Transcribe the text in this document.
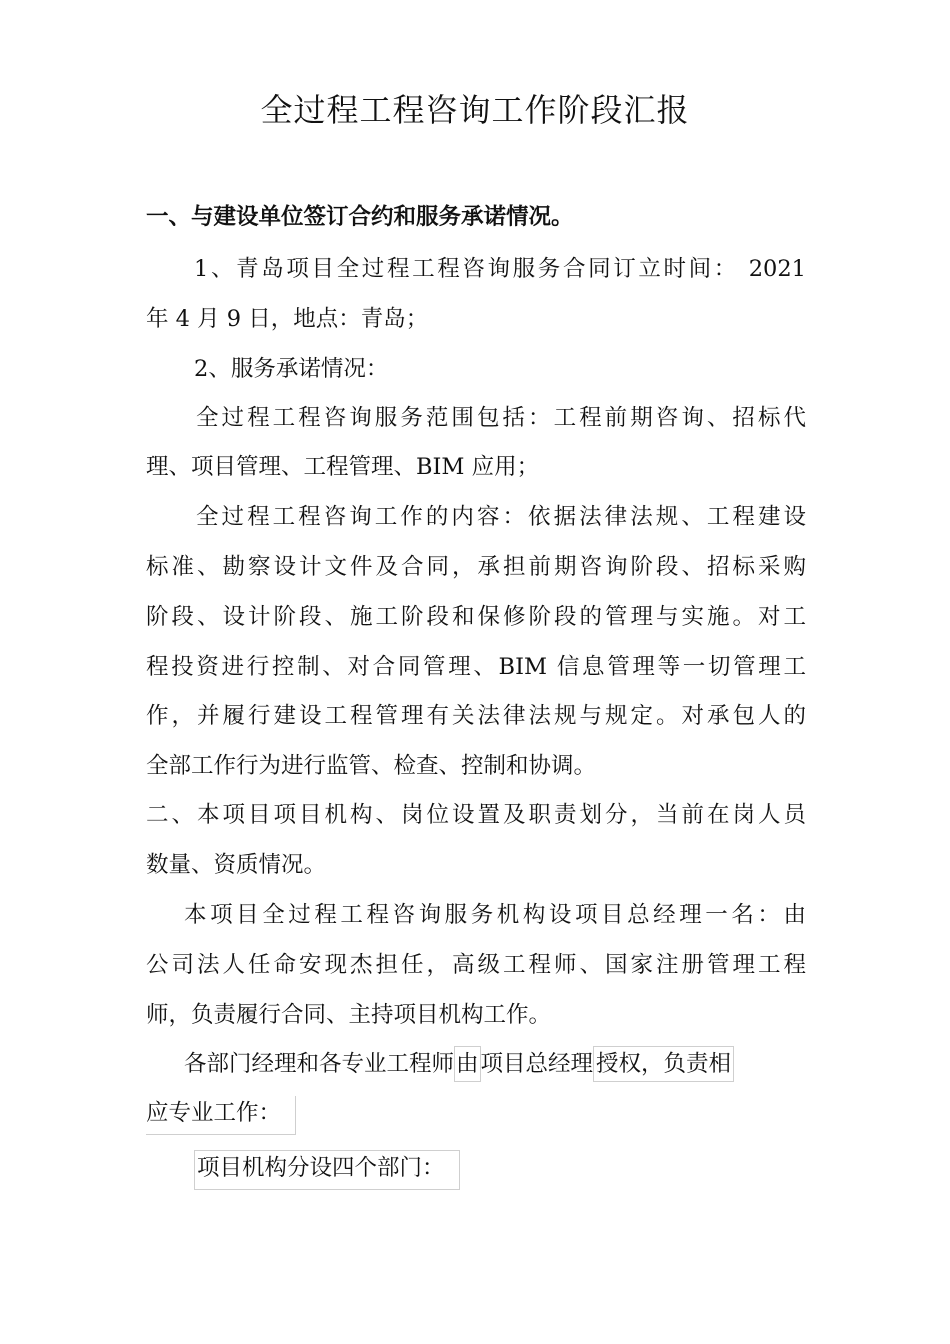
全过程工程咨询工作阶段汇报

一、与建设单位签订合约和服务承诺情况。

1、青岛项目全过程工程咨询服务合同订立时间： 2021

年 4 月 9 日，地点：青岛；

2、服务承诺情况：

全过程工程咨询服务范围包括：工程前期咨询、招标代

理、项目管理、工程管理、BIM 应用；

全过程工程咨询工作的内容：依据法律法规、工程建设

标准、勘察设计文件及合同，承担前期咨询阶段、招标采购

阶段、设计阶段、施工阶段和保修阶段的管理与实施。对工

程投资进行控制、对合同管理、BIM 信息管理等一切管理工

作，并履行建设工程管理有关法律法规与规定。对承包人的

全部工作行为进行监管、检查、控制和协调。

二、本项目项目机构、岗位设置及职责划分，当前在岗人员

数量、资质情况。

本项目全过程工程咨询服务机构设项目总经理一名：由

公司法人任命安现杰担任，高级工程师、国家注册管理工程

师，负责履行合同、主持项目机构工作。

各部门经理和各专业工程师由项目总经理 授权，负责相

应专业工作：

项目机构分设四个部门：
